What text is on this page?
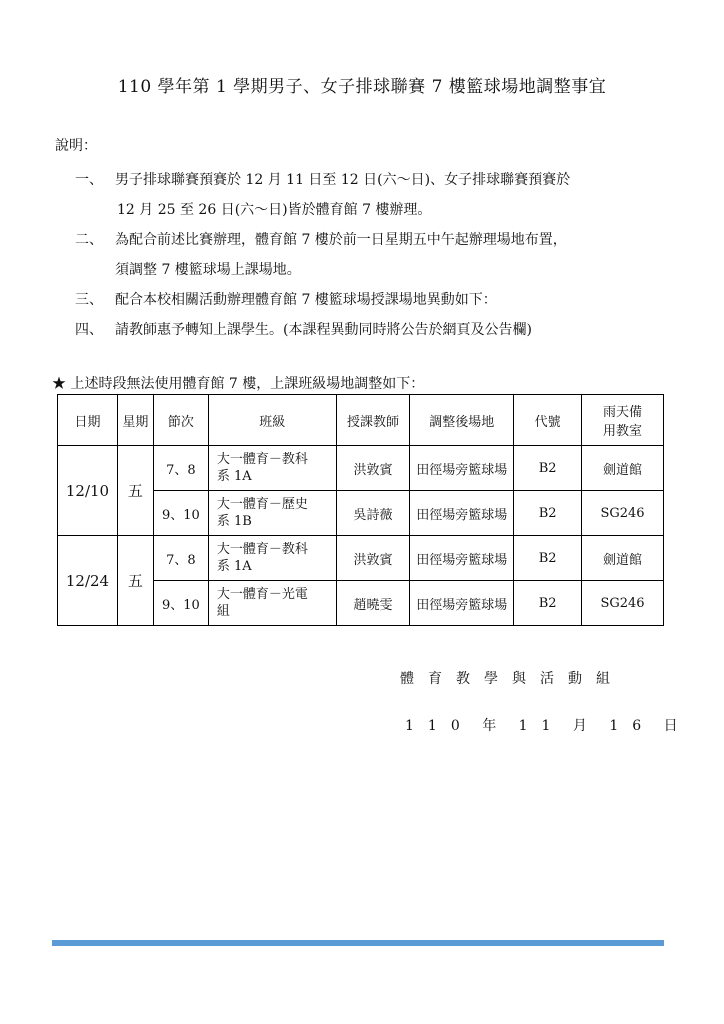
110 學年第 1 學期男子、女子排球聯賽 7 樓籃球場地調整事宜
說明：
一、 男子排球聯賽預賽於 12 月 11 日至 12 日(六～日)、女子排球聯賽預賽於
12 月 25 至 26 日(六～日)皆於體育館 7 樓辦理。
二、 為配合前述比賽辦理，體育館 7 樓於前一日星期五中午起辦理場地布置，
須調整 7 樓籃球場上課場地。
三、 配合本校相關活動辦理體育館 7 樓籃球場授課場地異動如下：
四、 請教師惠予轉知上課學生。(本課程異動同時將公告於網頁及公告欄)
★ 上述時段無法使用體育館 7 樓，上課班級場地調整如下：
日期	星期	節次	班級	授課教師	調整後場地	代號	雨天備
用教室

12/10	五	7、8	大一體育－教科
系 1A	洪敦賓	田徑場旁籃球場	B2	劍道館
		9、10	大一體育－歷史
系 1B	吳詩薇	田徑場旁籃球場	B2	SG246
12/24	五	7、8	大一體育－教科
系 1A	洪敦賓	田徑場旁籃球場	B2	劍道館
		9、10	大一體育－光電
組	趙曉雯	田徑場旁籃球場	B2	SG246
體育教學與活動組
110 年 11 月 16 日
